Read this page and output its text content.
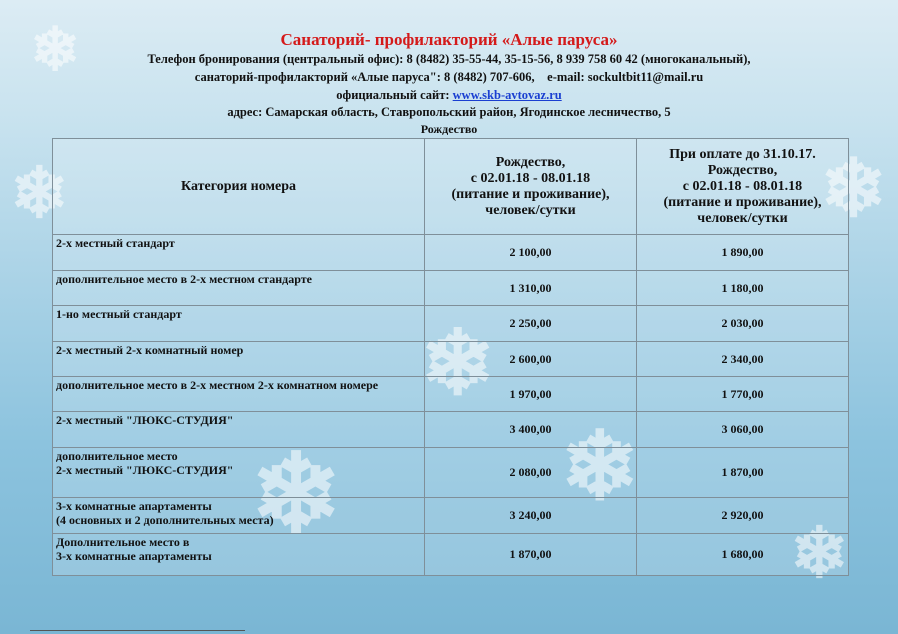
❄
❄
❄ ❄
❄
❄
❄	Санаторий- профилакторий «Алые паруса»
Телефон бронирования (центральный офис): 8 (8482) 35-55-44, 35-15-56, 8 939 758 60 42 (многоканальный),
санаторий-профилакторий «Алые паруса": 8 (8482) 707-606,    e-mail: sockultbit11@mail.ru
официальный сайт: www.skb-avtovaz.ru
адрес: Самарская область, Ставропольский район, Ягодинское лесничество, 5
Рождество
Категория номера	Рождество,
с 02.01.18 - 08.01.18
(питание и проживание),
человек/сутки	При оплате до 31.10.17.
Рождество,
с 02.01.18 - 08.01.18
(питание и проживание),
человек/сутки
2-х местный стандарт	2 100,00	1 890,00
дополнительное место в 2-х местном стандарте	1 310,00	1 180,00
1-но местный стандарт	2 250,00	2 030,00
2-х местный 2-х комнатный номер	2 600,00	2 340,00
дополнительное место в 2-х местном 2-х комнатном номере	1 970,00	1 770,00
2-х местный "ЛЮКС-СТУДИЯ"	3 400,00	3 060,00
дополнительное место
2-х местный "ЛЮКС-СТУДИЯ"	2 080,00	1 870,00
3-х комнатные апартаменты
(4 основных и 2 дополнительных места)	3 240,00	2 920,00
Дополнительное место в
3-х комнатные апартаменты	1 870,00	1 680,00
